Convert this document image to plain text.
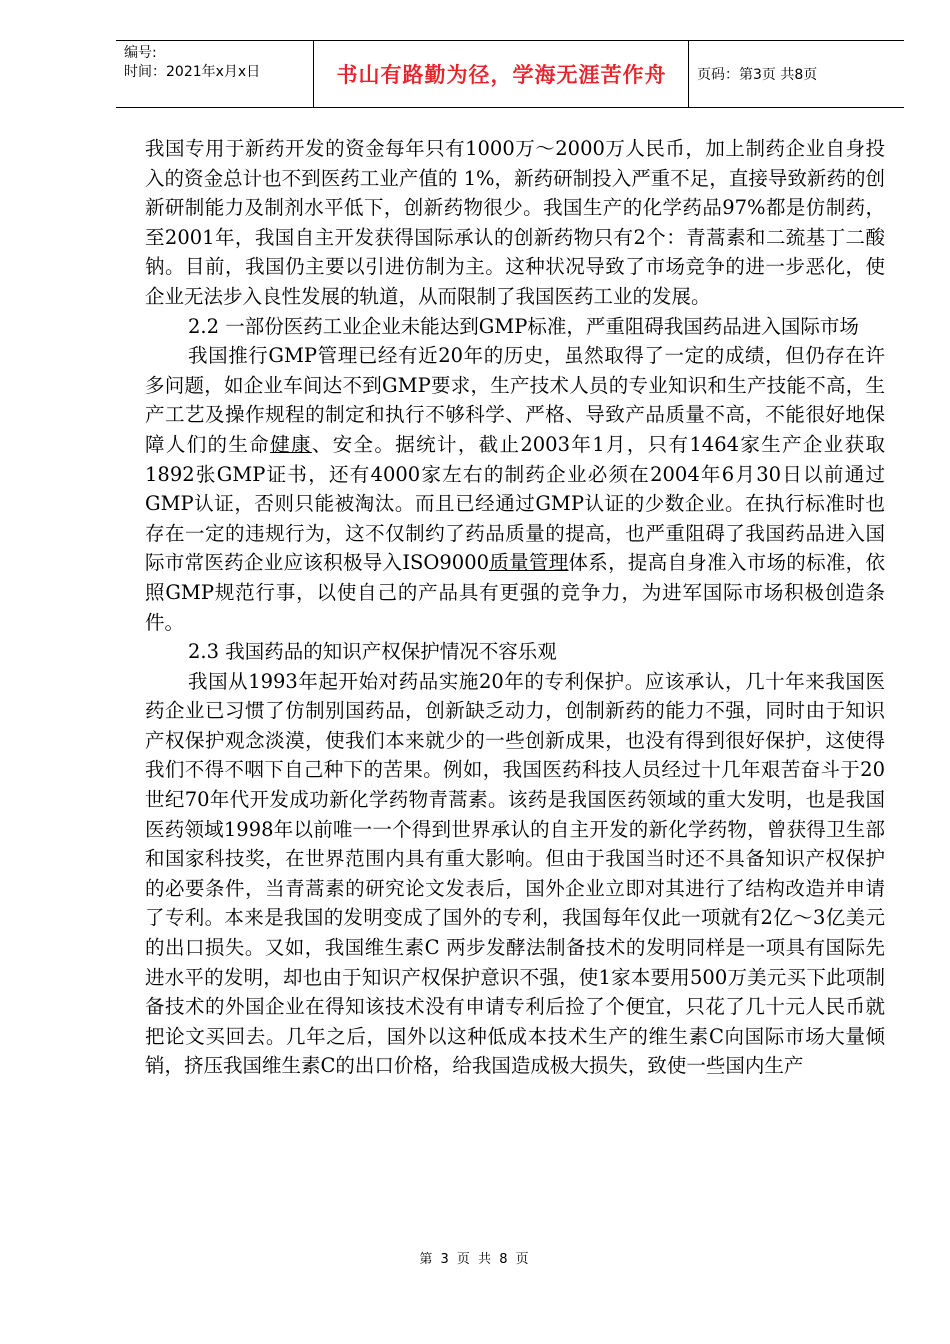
编号:
时间：2021年x月x日	书山有路勤为径，学海无涯苦作舟	页码：第3页 共8页

我国专用于新药开发的资金每年只有1000万～2000万人民币，加上制药企业自身投入的资金总计也不到医药工业产值的 1%，新药研制投入严重不足，直接导致新药的创新研制能力及制剂水平低下，创新药物很少。我国生产的化学药品97%都是仿制药，至2001年，我国自主开发获得国际承认的创新药物只有2个：青蒿素和二巯基丁二酸钠。目前，我国仍主要以引进仿制为主。这种状况导致了市场竞争的进一步恶化，使企业无法步入良性发展的轨道，从而限制了我国医药工业的发展。

2.2 一部份医药工业企业未能达到GMP标准，严重阻碍我国药品进入国际市场

我国推行GMP管理已经有近20年的历史，虽然取得了一定的成绩，但仍存在许多问题，如企业车间达不到GMP要求，生产技术人员的专业知识和生产技能不高，生产工艺及操作规程的制定和执行不够科学、严格、导致产品质量不高，不能很好地保障人们的生命健康、安全。据统计，截止2003年1月，只有1464家生产企业获取1892张GMP证书，还有4000家左右的制药企业必须在2004年6月30日以前通过GMP认证，否则只能被淘汰。而且已经通过GMP认证的少数企业。在执行标准时也存在一定的违规行为，这不仅制约了药品质量的提高，也严重阻碍了我国药品进入国际市常医药企业应该积极导入ISO9000质量管理体系，提高自身准入市场的标准，依照GMP规范行事，以使自己的产品具有更强的竞争力，为进军国际市场积极创造条件。

2.3 我国药品的知识产权保护情况不容乐观

我国从1993年起开始对药品实施20年的专利保护。应该承认，几十年来我国医药企业已习惯了仿制别国药品，创新缺乏动力，创制新药的能力不强，同时由于知识产权保护观念淡漠，使我们本来就少的一些创新成果，也没有得到很好保护，这使得我们不得不咽下自己种下的苦果。例如，我国医药科技人员经过十几年艰苦奋斗于20世纪70年代开发成功新化学药物青蒿素。该药是我国医药领域的重大发明，也是我国医药领域1998年以前唯一一个得到世界承认的自主开发的新化学药物，曾获得卫生部和国家科技奖，在世界范围内具有重大影响。但由于我国当时还不具备知识产权保护的必要条件，当青蒿素的研究论文发表后，国外企业立即对其进行了结构改造并申请了专利。本来是我国的发明变成了国外的专利，我国每年仅此一项就有2亿～3亿美元的出口损失。又如，我国维生素C 两步发酵法制备技术的发明同样是一项具有国际先进水平的发明，却也由于知识产权保护意识不强，使1家本要用500万美元买下此项制备技术的外国企业在得知该技术没有申请专利后捡了个便宜，只花了几十元人民币就把论文买回去。几年之后，国外以这种低成本技术生产的维生素C向国际市场大量倾销，挤压我国维生素C的出口价格，给我国造成极大损失，致使一些国内生产

第 3 页 共 8 页
